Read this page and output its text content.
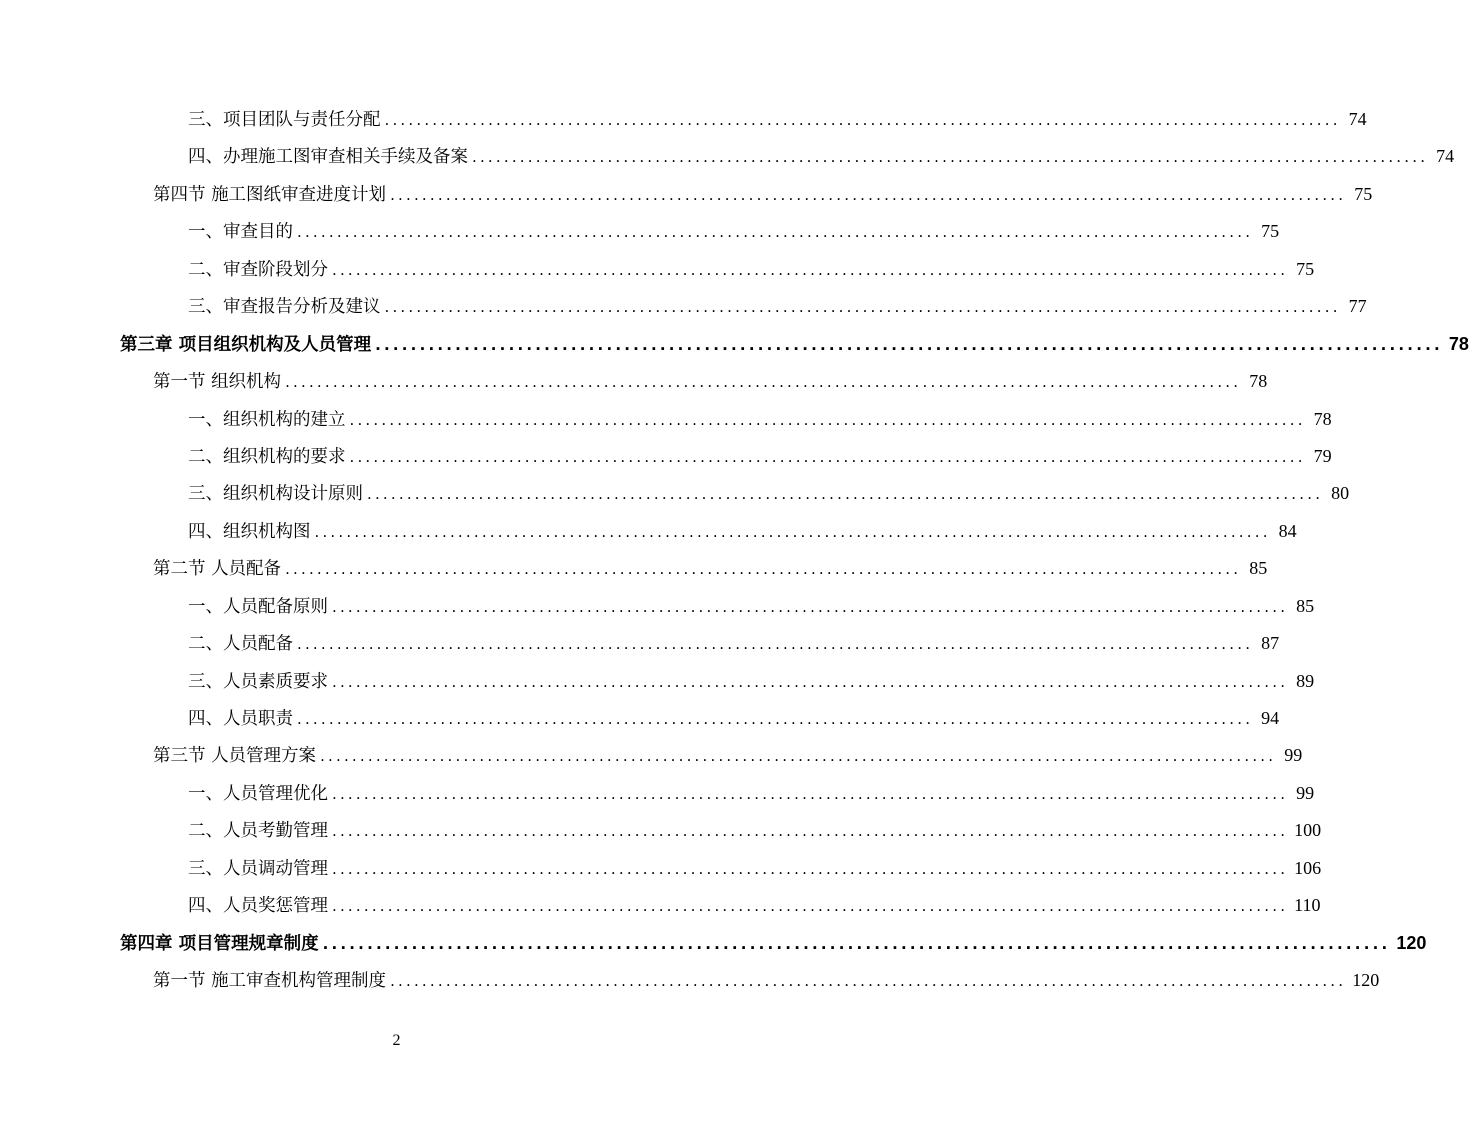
三、项目团队与责任分配 ........................................................................................................................ 74
四、办理施工图审查相关手续及备案 ........................................................................................................................ 74
第四节 施工图纸审查进度计划 ........................................................................................................................ 75
一、审查目的 ........................................................................................................................ 75
二、审查阶段划分 ........................................................................................................................ 75
三、审查报告分析及建议 ........................................................................................................................ 77
第三章 项目组织机构及人员管理 ........................................................................................................................ 78
第一节 组织机构 ........................................................................................................................ 78
一、组织机构的建立 ........................................................................................................................ 78
二、组织机构的要求 ........................................................................................................................ 79
三、组织机构设计原则 ........................................................................................................................ 80
四、组织机构图 ........................................................................................................................ 84
第二节 人员配备 ........................................................................................................................ 85
一、人员配备原则 ........................................................................................................................ 85
二、人员配备 ........................................................................................................................ 87
三、人员素质要求 ........................................................................................................................ 89
四、人员职责 ........................................................................................................................ 94
第三节 人员管理方案 ........................................................................................................................ 99
一、人员管理优化 ........................................................................................................................ 99
二、人员考勤管理 ........................................................................................................................ 100
三、人员调动管理 ........................................................................................................................ 106
四、人员奖惩管理 ........................................................................................................................ 110
第四章 项目管理规章制度 ........................................................................................................................ 120
第一节 施工审查机构管理制度 ........................................................................................................................ 120
2
